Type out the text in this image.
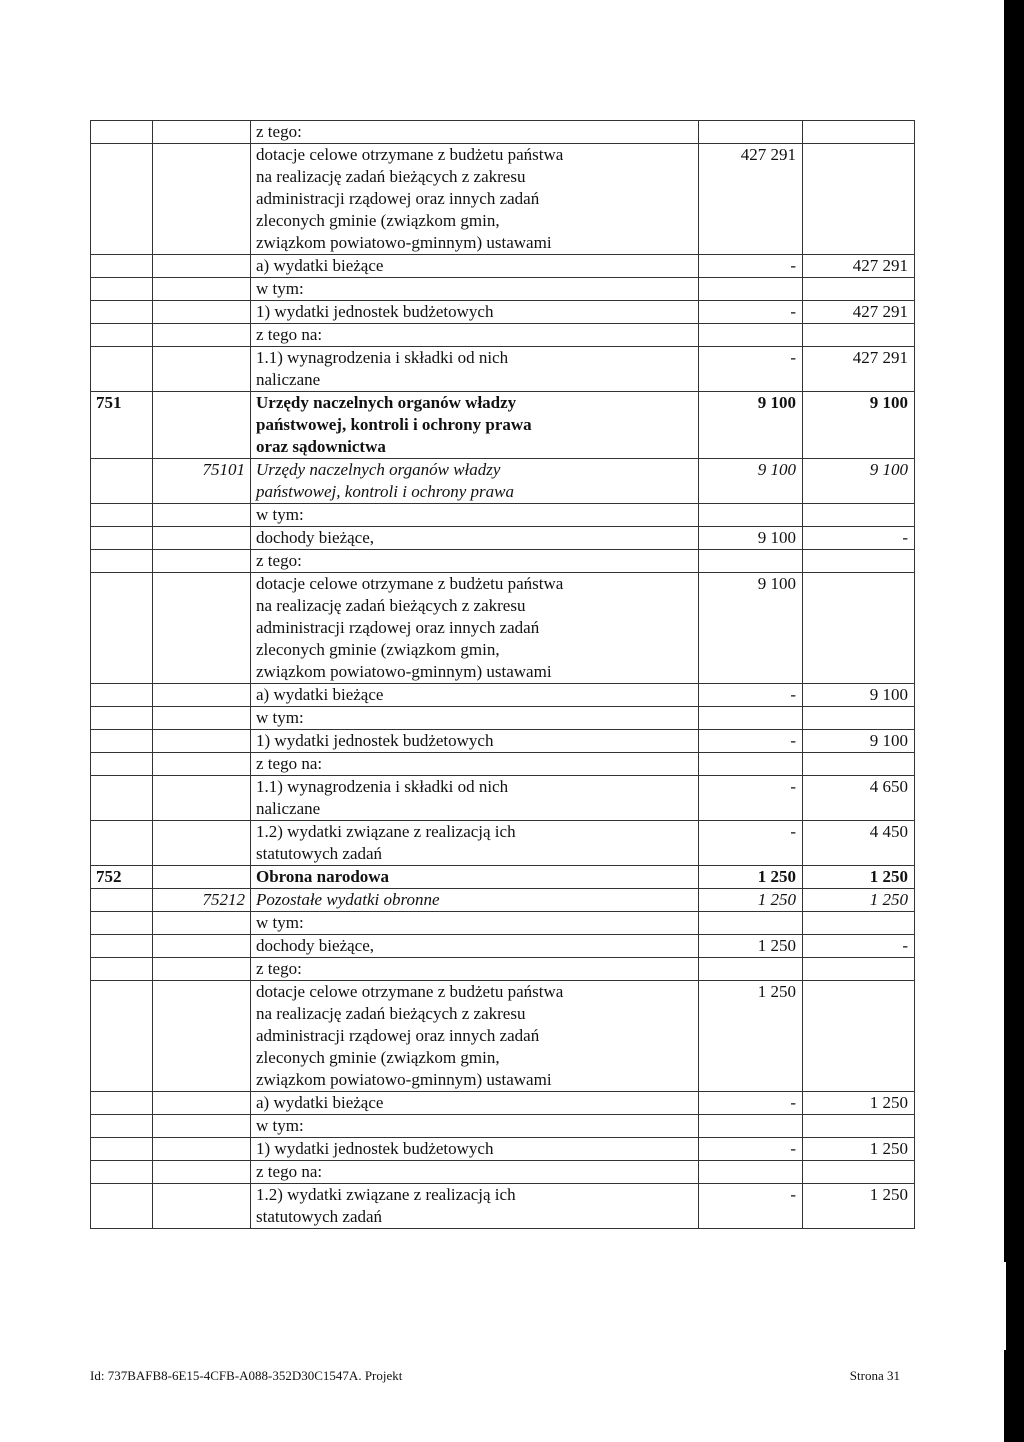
		z tego:		
		dotacje celowe otrzymane z budżetu państwa
na realizację zadań bieżących z zakresu
administracji rządowej oraz innych zadań
zleconych gminie (związkom gmin,
związkom powiatowo-gminnym) ustawami	427 291	
		a) wydatki bieżące	-	427 291
		w tym:		
		1) wydatki jednostek budżetowych	-	427 291
		z tego na:		
		1.1) wynagrodzenia i składki od nich
naliczane	-	427 291
751		Urzędy naczelnych organów władzy
państwowej, kontroli i ochrony prawa
oraz sądownictwa	9 100	9 100
	75101	Urzędy naczelnych organów władzy
państwowej, kontroli i ochrony prawa	9 100	9 100
		w tym:		
		dochody bieżące,	9 100	-
		z tego:		
		dotacje celowe otrzymane z budżetu państwa
na realizację zadań bieżących z zakresu
administracji rządowej oraz innych zadań
zleconych gminie (związkom gmin,
związkom powiatowo-gminnym) ustawami	9 100	
		a) wydatki bieżące	-	9 100
		w tym:		
		1) wydatki jednostek budżetowych	-	9 100
		z tego na:		
		1.1) wynagrodzenia i składki od nich
naliczane	-	4 650
		1.2) wydatki związane z realizacją ich
statutowych zadań	-	4 450
752		Obrona narodowa	1 250	1 250
	75212	Pozostałe wydatki obronne	1 250	1 250
		w tym:		
		dochody bieżące,	1 250	-
		z tego:		
		dotacje celowe otrzymane z budżetu państwa
na realizację zadań bieżących z zakresu
administracji rządowej oraz innych zadań
zleconych gminie (związkom gmin,
związkom powiatowo-gminnym) ustawami	1 250	
		a) wydatki bieżące	-	1 250
		w tym:		
		1) wydatki jednostek budżetowych	-	1 250
		z tego na:		
		1.2) wydatki związane z realizacją ich
statutowych zadań	-	1 250
Id: 737BAFB8-6E15-4CFB-A088-352D30C1547A. Projekt	Strona 31
